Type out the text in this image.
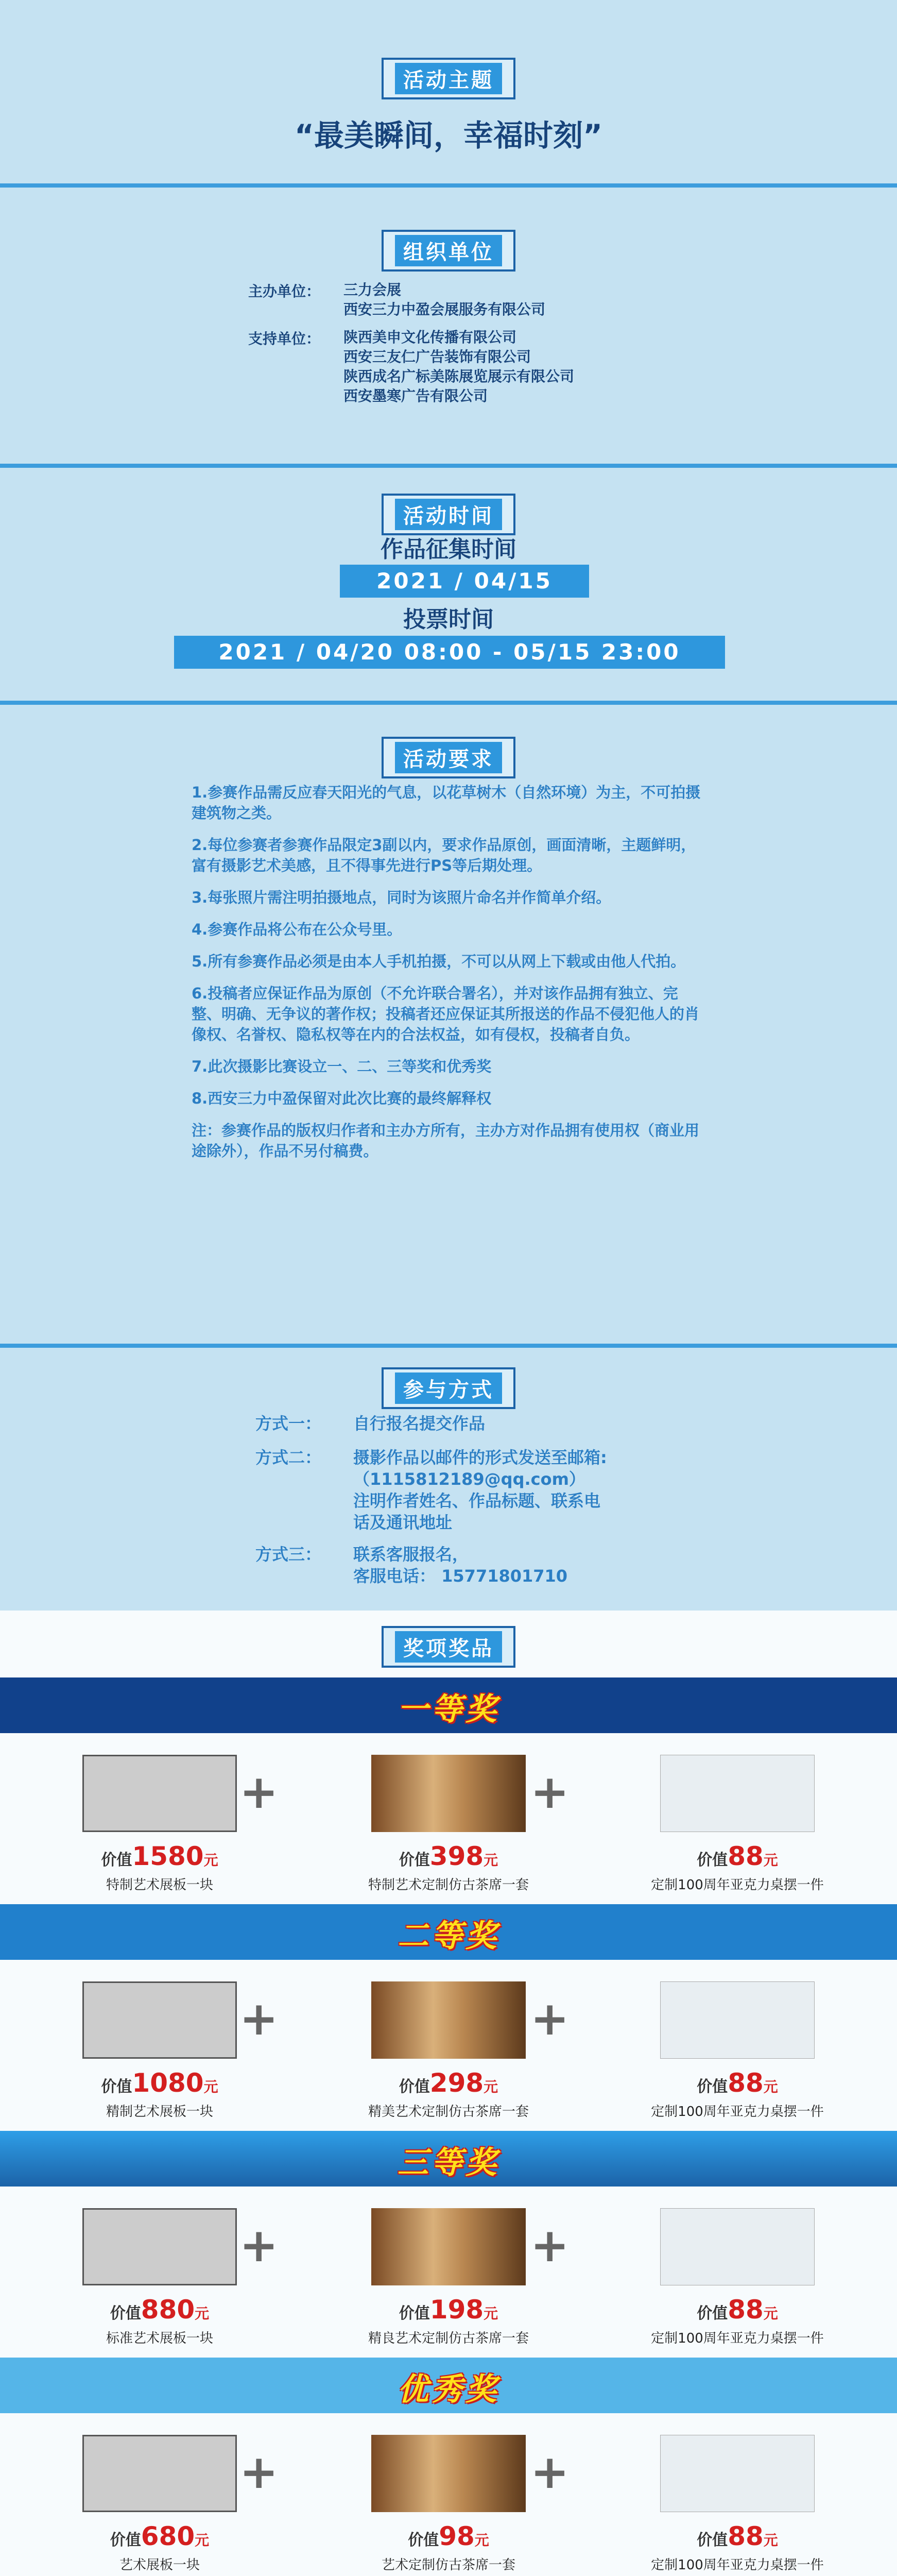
活动主题
“最美瞬间，幸福时刻”
组织单位
主办单位：	三力会展
西安三力中盈会展服务有限公司
支持单位：	陕西美申文化传播有限公司
西安三友仁广告装饰有限公司
陕西成名广标美陈展览展示有限公司
西安墨寒广告有限公司
活动时间
作品征集时间
2021 / 04/15
投票时间
2021 / 04/20 08:00 - 05/15 23:00
活动要求

1.参赛作品需反应春天阳光的气息，以花草树木（自然环境）为主，不可拍摄建筑物之类。

2.每位参赛者参赛作品限定3副以内，要求作品原创，画面清晰，主题鲜明，富有摄影艺术美感，且不得事先进行PS等后期处理。

3.每张照片需注明拍摄地点，同时为该照片命名并作简单介绍。

4.参赛作品将公布在公众号里。

5.所有参赛作品必须是由本人手机拍摄，不可以从网上下载或由他人代拍。

6.投稿者应保证作品为原创（不允许联合署名），并对该作品拥有独立、完整、明确、无争议的著作权；投稿者还应保证其所报送的作品不侵犯他人的肖像权、名誉权、隐私权等在内的合法权益，如有侵权，投稿者自负。

7.此次摄影比赛设立一、二、三等奖和优秀奖

8.西安三力中盈保留对此次比赛的最终解释权

注：参赛作品的版权归作者和主办方所有，主办方对作品拥有使用权（商业用途除外），作品不另付稿费。

参与方式
方式一：	自行报名提交作品
方式二：	摄影作品以邮件的形式发送至邮箱:
（1115812189@qq.com）
注明作者姓名、作品标题、联系电
话及通讯地址
方式三：	联系客服报名，
客服电话： 15771801710
奖项奖品
一等奖
价值1580元
特制艺术展板一块
价值398元
特制艺术定制仿古茶席一套
价值88元
定制100周年亚克力桌摆一件
+	+
二等奖
价值1080元
精制艺术展板一块
价值298元
精美艺术定制仿古茶席一套
价值88元
定制100周年亚克力桌摆一件
+	+
三等奖
价值880元
标准艺术展板一块
价值198元
精良艺术定制仿古茶席一套
价值88元
定制100周年亚克力桌摆一件
+	+
优秀奖
价值680元
艺术展板一块
价值98元
艺术定制仿古茶席一套
价值88元
定制100周年亚克力桌摆一件
+	+
